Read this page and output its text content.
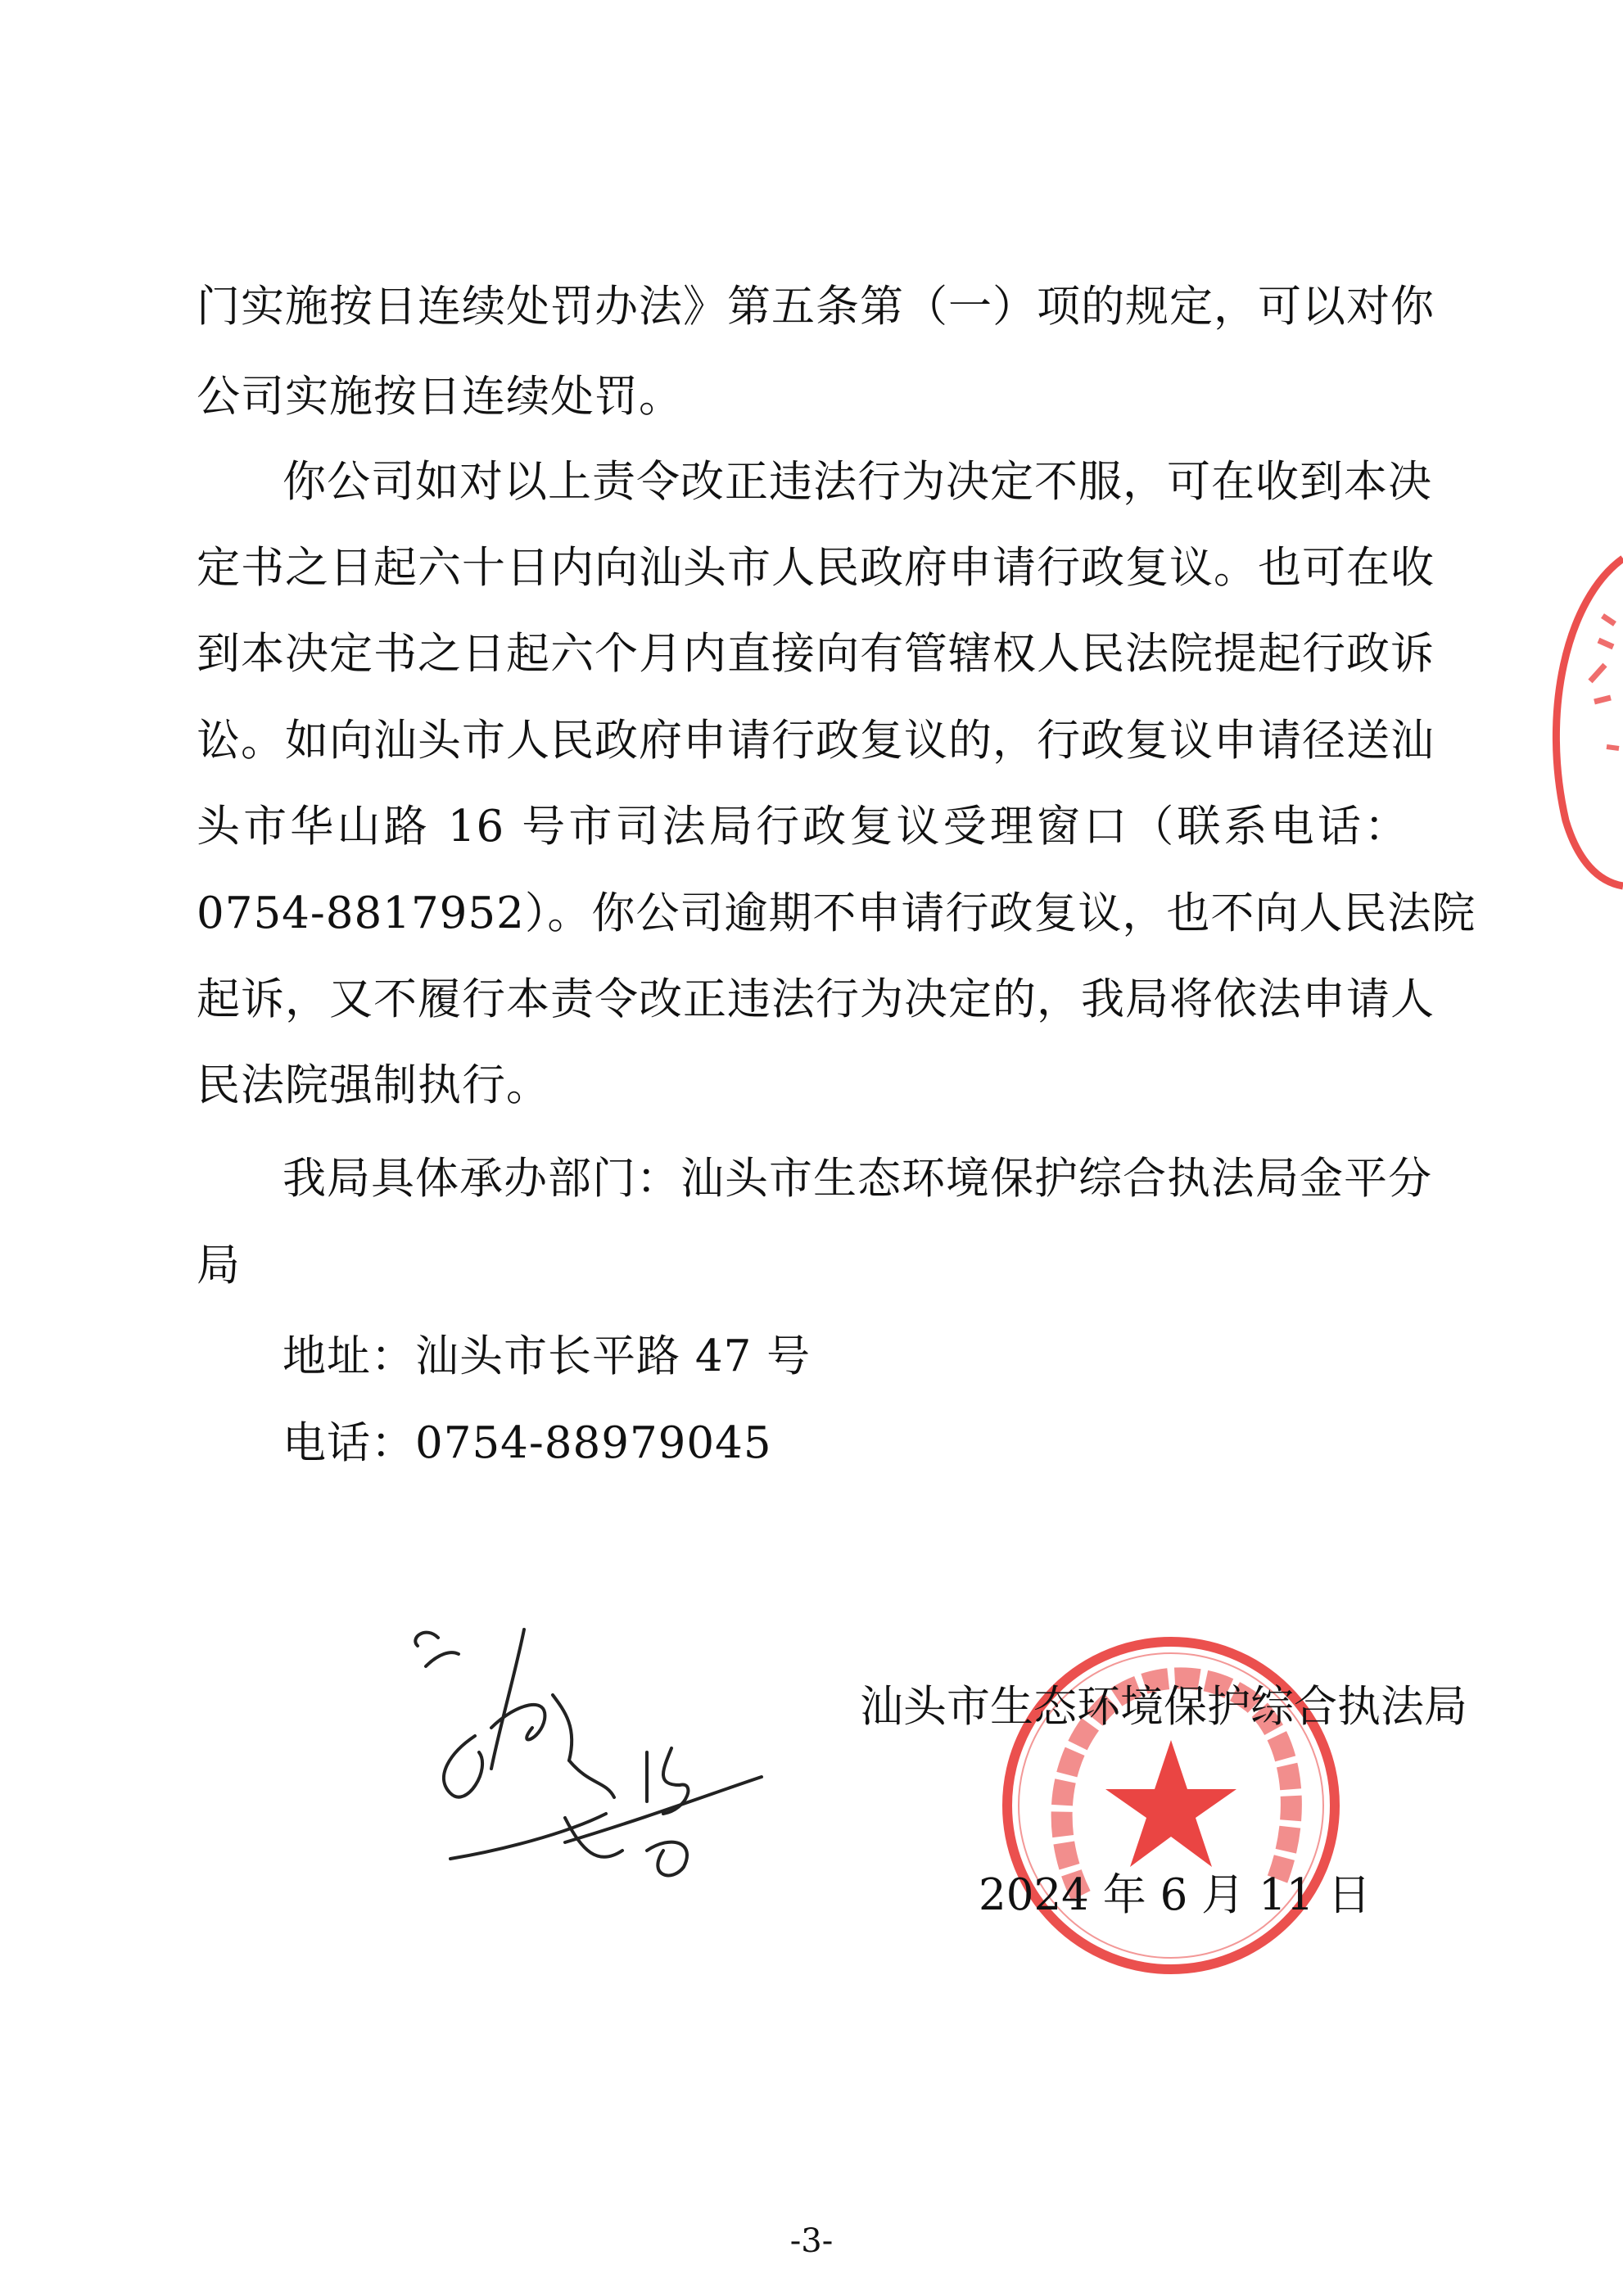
门实施按日连续处罚办法》第五条第（一）项的规定，可以对你
公司实施按日连续处罚。
你公司如对以上责令改正违法行为决定不服，可在收到本决
定书之日起六十日内向汕头市人民政府申请行政复议。也可在收
到本决定书之日起六个月内直接向有管辖权人民法院提起行政诉
讼。如向汕头市人民政府申请行政复议的，行政复议申请径送汕
头市华山路 16 号市司法局行政复议受理窗口（联系电话：
0754-8817952）。你公司逾期不申请行政复议，也不向人民法院
起诉，又不履行本责令改正违法行为决定的，我局将依法申请人
民法院强制执行。
我局具体承办部门：汕头市生态环境保护综合执法局金平分
局
地址：汕头市长平路 47 号
电话：0754-88979045
汕头市生态环境保护综合执法局
2024 年 6 月 11 日
-3-
